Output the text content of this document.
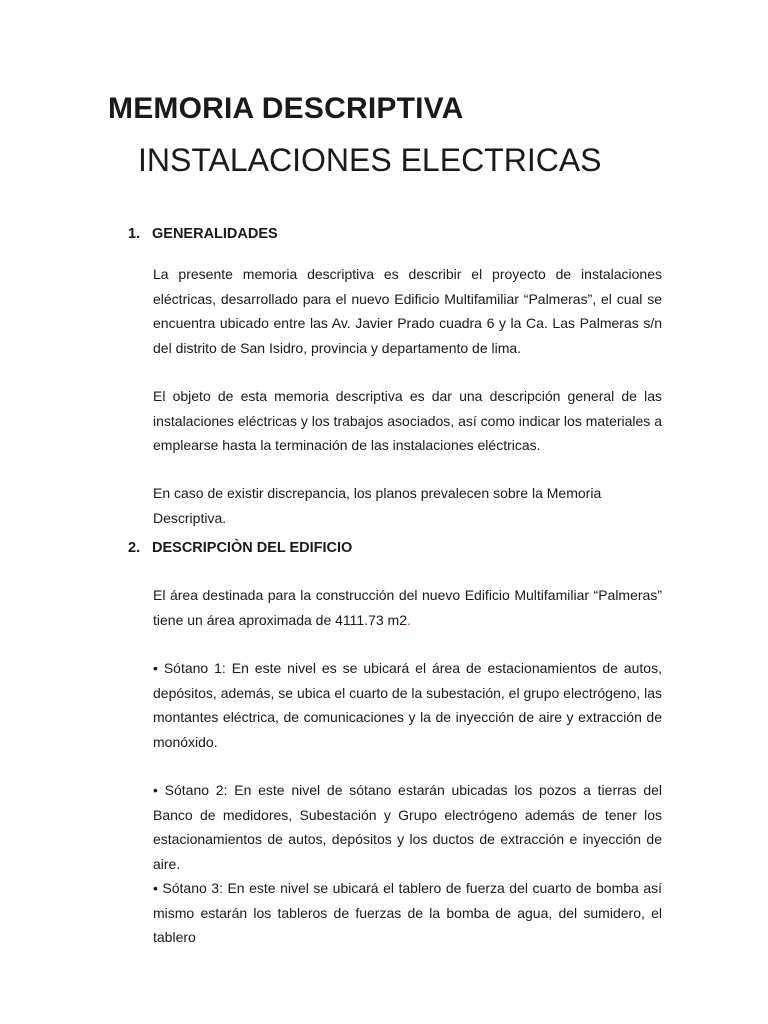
MEMORIA DESCRIPTIVA
INSTALACIONES ELECTRICAS
1. GENERALIDADES

La presente memoria descriptiva es describir el proyecto de instalaciones eléctricas, desarrollado para el nuevo Edificio Multifamiliar “Palmeras”, el cual se encuentra ubicado entre las Av. Javier Prado cuadra 6 y la Ca. Las Palmeras s/n del distrito de San Isidro, provincia y departamento de lima.

El objeto de esta memoria descriptiva es dar una descripción general de las instalaciones eléctricas y los trabajos asociados, así como indicar los materiales a emplearse hasta la terminación de las instalaciones eléctricas.

En caso de existir discrepancia, los planos prevalecen sobre la Memoria Descriptiva.

2. DESCRIPCIÒN DEL EDIFICIO

El área destinada para la construcción del nuevo Edificio Multifamiliar “Palmeras” tiene un área aproximada de 4111.73 m2.

• Sótano 1: En este nivel es se ubicará el área de estacionamientos de autos, depósitos, además, se ubica el cuarto de la subestación, el grupo electrógeno, las montantes eléctrica, de comunicaciones y la de inyección de aire y extracción de monóxido.

• Sótano 2: En este nivel de sótano estarán ubicadas los pozos a tierras del Banco de medidores, Subestación y Grupo electrógeno además de tener los estacionamientos de autos, depósitos y los ductos de extracción e inyección de aire.

• Sótano 3: En este nivel se ubicará el tablero de fuerza del cuarto de bomba así mismo estarán los tableros de fuerzas de la bomba de agua, del sumidero, el tablero
